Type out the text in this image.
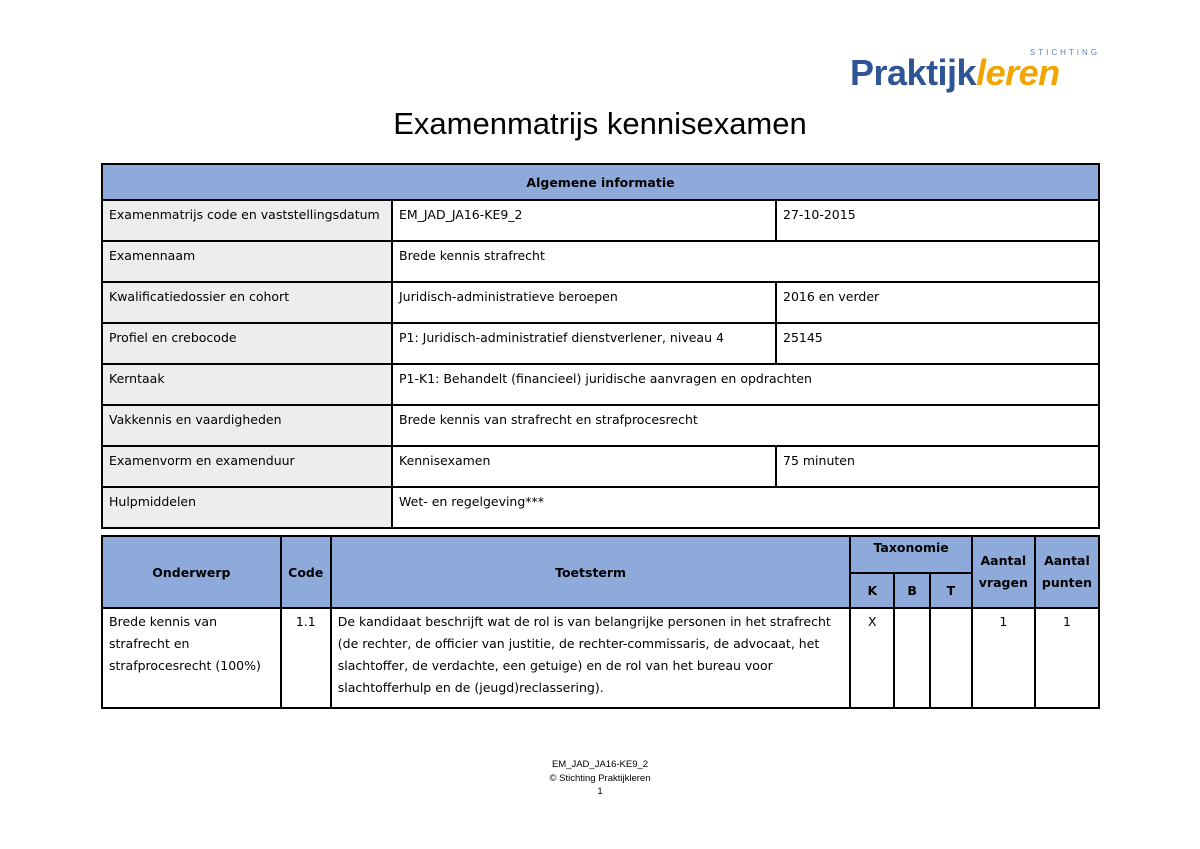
STICHTING
Praktijkleren
Examenmatrijs kennisexamen
Algemene informatie		
Examenmatrijs code en vaststellingsdatum	EM_JAD_JA16-KE9_2	27-10-2015
Examennaam	Brede kennis strafrecht	
Kwalificatiedossier en cohort	Juridisch-administratieve beroepen	2016 en verder
Profiel en crebocode	P1: Juridisch-administratief dienstverlener, niveau 4	25145
Kerntaak	P1-K1: Behandelt (financieel) juridische aanvragen en opdrachten	
Vakkennis en vaardigheden	Brede kennis van strafrecht en strafprocesrecht	
Examenvorm en examenduur	Kennisexamen	75 minuten
Hulpmiddelen	Wet- en regelgeving***	
Onderwerp	Code	Toetsterm	Taxonomie			Aantal vragen	Aantal punten
			K	B	T		
Brede kennis van strafrecht en strafprocesrecht (100%)	1.1	De kandidaat beschrijft wat de rol is van belangrijke personen in het strafrecht (de rechter, de officier van justitie, de rechter-commissaris, de advocaat, het slachtoffer, de verdachte, een getuige) en de rol van het bureau voor slachtofferhulp en de (jeugd)reclassering).	X			1	1
EM_JAD_JA16-KE9_2
© Stichting Praktijkleren
1
